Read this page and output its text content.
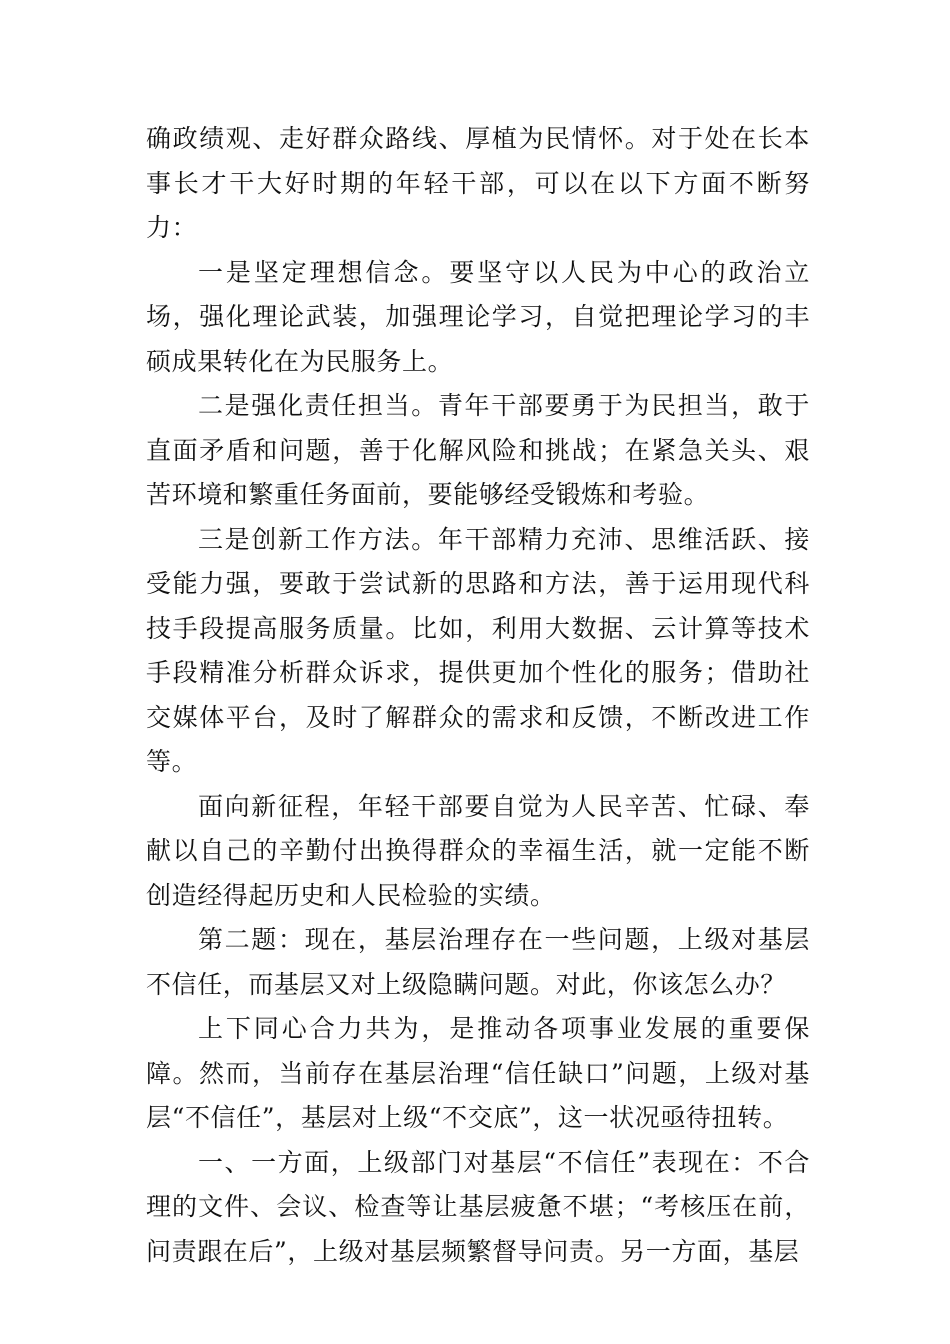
确政绩观、走好群众路线、厚植为民情怀。对于处在长本事长才干大好时期的年轻干部，可以在以下方面不断努力：

一是坚定理想信念。要坚守以人民为中心的政治立场，强化理论武装，加强理论学习，自觉把理论学习的丰硕成果转化在为民服务上。

二是强化责任担当。青年干部要勇于为民担当，敢于直面矛盾和问题，善于化解风险和挑战；在紧急关头、艰苦环境和繁重任务面前，要能够经受锻炼和考验。

三是创新工作方法。年干部精力充沛、思维活跃、接受能力强，要敢于尝试新的思路和方法，善于运用现代科技手段提高服务质量。比如，利用大数据、云计算等技术手段精准分析群众诉求，提供更加个性化的服务；借助社交媒体平台，及时了解群众的需求和反馈，不断改进工作等。

面向新征程，年轻干部要自觉为人民辛苦、忙碌、奉献以自己的辛勤付出换得群众的幸福生活，就一定能不断创造经得起历史和人民检验的实绩。

第二题：现在，基层治理存在一些问题，上级对基层不信任，而基层又对上级隐瞒问题。对此，你该怎么办？

上下同心合力共为，是推动各项事业发展的重要保障。然而，当前存在基层治理“信任缺口”问题，上级对基层“不信任”，基层对上级“不交底”，这一状况亟待扭转。

一、一方面，上级部门对基层“不信任”表现在：不合理的文件、会议、检查等让基层疲惫不堪；“考核压在前，问责跟在后”，上级对基层频繁督导问责。另一方面，基层
